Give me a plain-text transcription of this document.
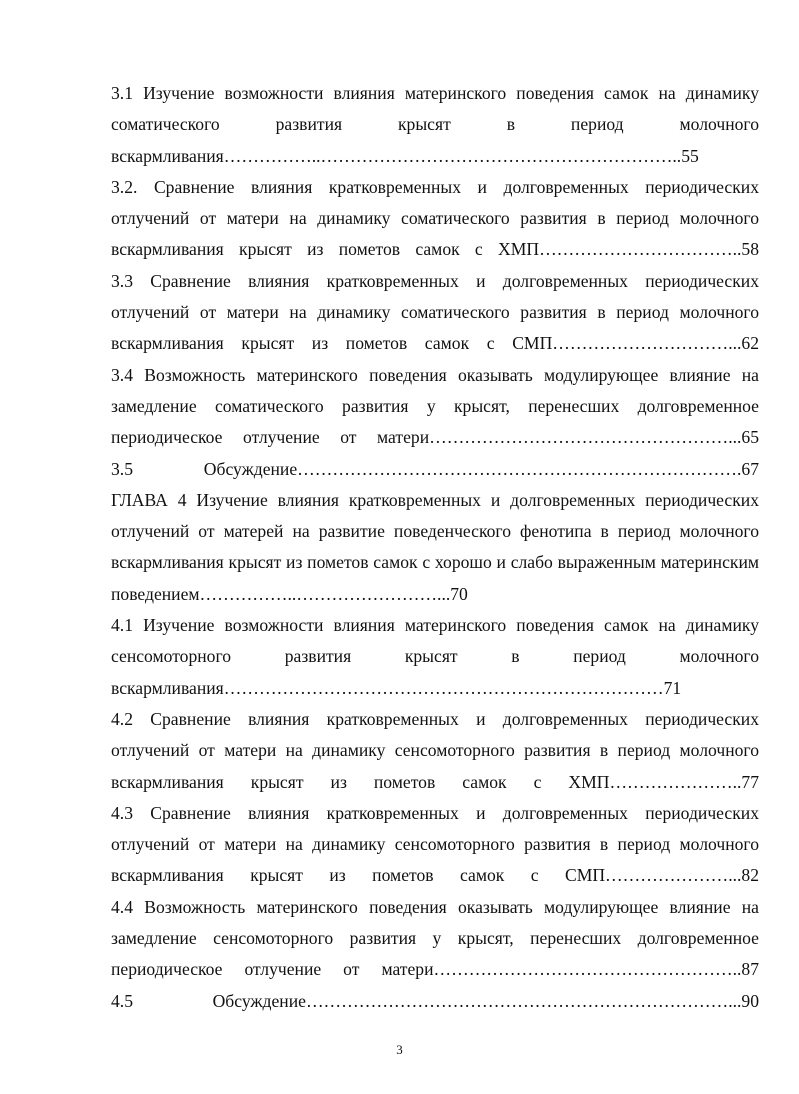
3.1 Изучение возможности влияния материнского поведения самок на динамику соматического развития крысят в период молочного вскармливания……………..……………………………………………………..55
3.2. Сравнение влияния кратковременных и долговременных периодических отлучений от матери на динамику соматического развития в период молочного вскармливания крысят из пометов самок с ХМП……………………………..58
3.3 Сравнение влияния кратковременных и долговременных периодических отлучений от матери на динамику соматического развития в период молочного вскармливания крысят из пометов самок с СМП…………………………...62
3.4 Возможность материнского поведения оказывать модулирующее влияние на замедление соматического развития у крысят, перенесших долговременное периодическое отлучение от матери……………………………………………...65
3.5 Обсуждение………………………………………………………………….67
ГЛАВА 4 Изучение влияния кратковременных и долговременных периодических отлучений от матерей на развитие поведенческого фенотипа в период молочного вскармливания крысят из пометов самок с хорошо и слабо выраженным материнским поведением……………..……………………...70
4.1 Изучение возможности влияния материнского поведения самок на динамику сенсомоторного развития крысят в период молочного вскармливания…………………………………………………………………71
4.2 Сравнение влияния кратковременных и долговременных периодических отлучений от матери на динамику сенсомоторного развития в период молочного вскармливания крысят из пометов самок с ХМП…………………..77
4.3 Сравнение влияния кратковременных и долговременных периодических отлучений от матери на динамику сенсомоторного развития в период молочного вскармливания крысят из пометов самок с СМП…………………...82
4.4 Возможность материнского поведения оказывать модулирующее влияние на замедление сенсомоторного развития у крысят, перенесших долговременное периодическое отлучение от матери……………………………………………..87
4.5 Обсуждение………………………………………………………………...90
3
